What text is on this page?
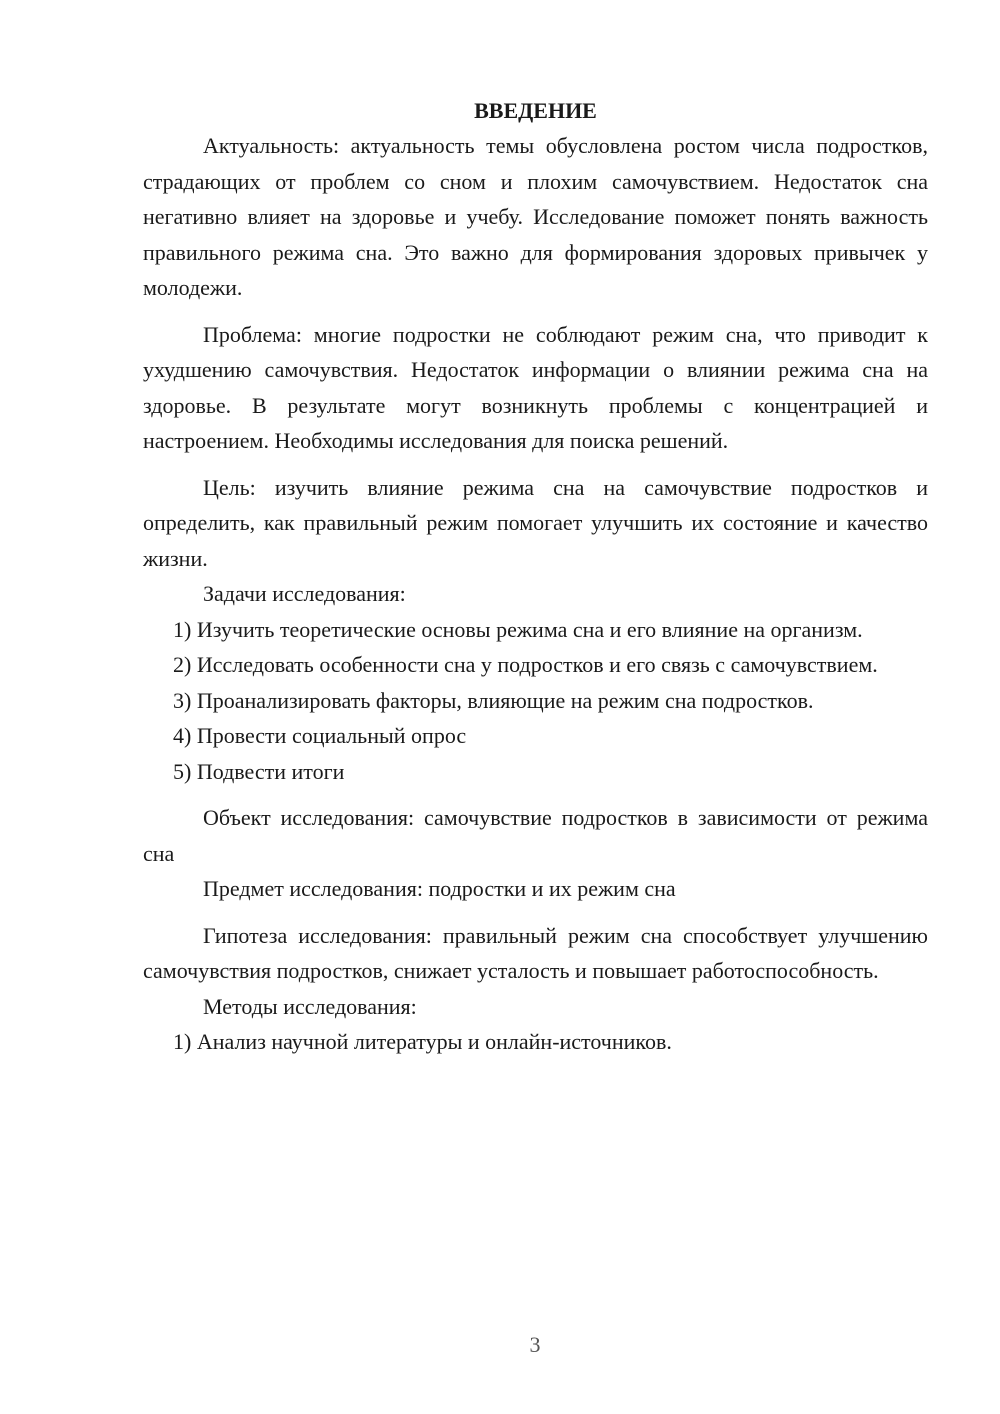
ВВЕДЕНИЕ

Актуальность: актуальность темы обусловлена ростом числа подростков, страдающих от проблем со сном и плохим самочувствием. Недостаток сна негативно влияет на здоровье и учебу. Исследование поможет понять важность правильного режима сна. Это важно для формирования здоровых привычек у молодежи.

Проблема: многие подростки не соблюдают режим сна, что приводит к ухудшению самочувствия. Недостаток информации о влиянии режима сна на здоровье. В результате могут возникнуть проблемы с концентрацией и настроением. Необходимы исследования для поиска решений.

Цель: изучить влияние режима сна на самочувствие подростков и определить, как правильный режим помогает улучшить их состояние и качество жизни.

Задачи исследования:

1) Изучить теоретические основы режима сна и его влияние на организм.

2) Исследовать особенности сна у подростков и его связь с самочувствием.

3) Проанализировать факторы, влияющие на режим сна подростков.

4) Провести социальный опрос

5) Подвести итоги

Объект исследования: самочувствие подростков в зависимости от режима сна

Предмет исследования: подростки и их режим сна

Гипотеза исследования: правильный режим сна способствует улучшению самочувствия подростков, снижает усталость и повышает работоспособность.

Методы исследования:

1) Анализ научной литературы и онлайн-источников.

3
